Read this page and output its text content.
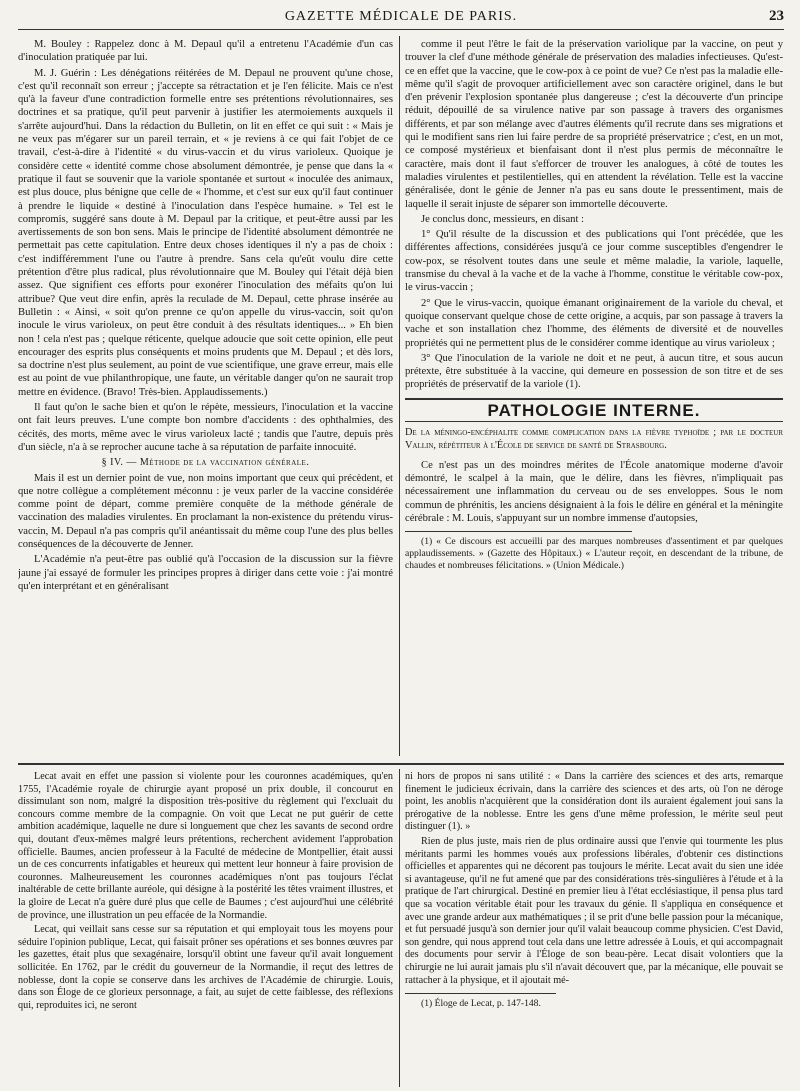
GAZETTE MÉDICALE DE PARIS.	23

M. Bouley : Rappelez donc à M. Depaul qu'il a entretenu l'Académie d'un cas d'inoculation pratiquée par lui.

M. J. Guérin : Les dénégations réitérées de M. Depaul ne prouvent qu'une chose, c'est qu'il reconnaît son erreur ; j'accepte sa rétractation et je l'en félicite. Mais ce n'est qu'à la faveur d'une contradiction formelle entre ses prétentions révolutionnaires, ses doctrines et sa pratique, qu'il peut parvenir à justifier les atermoiements auxquels il s'arrête aujourd'hui. Dans la rédaction du Bulletin, on lit en effet ce qui suit : « Mais je ne veux pas m'égarer sur un pareil terrain, et « je reviens à ce qui fait l'objet de ce travail, c'est-à-dire à l'identité « du virus-vaccin et du virus varioleux. Quoique je considère cette « identité comme chose absolument démontrée, je pense que dans la « pratique il faut se souvenir que la variole spontanée et surtout « inoculée des animaux, est plus douce, plus bénigne que celle de « l'homme, et c'est sur eux qu'il faut continuer à prendre le liquide « destiné à l'inoculation dans l'espèce humaine. » Tel est le compromis, suggéré sans doute à M. Depaul par la critique, et peut-être aussi par les avertissements de son bon sens. Mais le principe de l'identité absolument démontrée ne permettait pas cette capitulation. Entre deux choses identiques il n'y a pas de choix : c'est indifféremment l'une ou l'autre à prendre. Sans cela qu'eût voulu dire cette prétention d'être plus radical, plus révolutionnaire que M. Bouley qui l'était déjà bien assez. Que signifient ces efforts pour exonérer l'inoculation des méfaits qu'on lui attribue? Que veut dire enfin, après la reculade de M. Depaul, cette phrase insérée au Bulletin : « Ainsi, « soit qu'on prenne ce qu'on appelle du virus-vaccin, soit qu'on inocule le virus varioleux, on peut être conduit à des résultats identiques... » Eh bien non ! cela n'est pas ; quelque réticente, quelque adoucie que soit cette opinion, elle peut encourager des esprits plus conséquents et moins prudents que M. Depaul ; et dès lors, sa doctrine n'est plus seulement, au point de vue scientifique, une grave erreur, mais elle est au point de vue philanthropique, une faute, un véritable danger qu'on ne saurait trop mettre en évidence. (Bravo! Très-bien. Applaudissements.)

Il faut qu'on le sache bien et qu'on le répète, messieurs, l'inoculation et la vaccine ont fait leurs preuves. L'une compte bon nombre d'accidents : des ophthalmies, des cécités, des morts, même avec le virus varioleux lacté ; tandis que l'autre, depuis près d'un siècle, n'a à se reprocher aucune tache à sa réputation de parfaite innocuité.

§ IV. — Méthode de la vaccination générale.

Mais il est un dernier point de vue, non moins important que ceux qui précèdent, et que notre collègue a complétement méconnu : je veux parler de la vaccine considérée comme point de départ, comme première conquête de la méthode générale de vaccination des maladies virulentes. En proclamant la non-existence du prétendu virus-vaccin, M. Depaul n'a pas compris qu'il anéantissait du même coup l'une des plus belles conséquences de la découverte de Jenner.

L'Académie n'a peut-être pas oublié qu'à l'occasion de la discussion sur la fièvre jaune j'ai essayé de formuler les principes propres à diriger dans cette voie : j'ai montré qu'en interprétant et en généralisant

comme il peut l'être le fait de la préservation variolique par la vaccine, on peut y trouver la clef d'une méthode générale de préservation des maladies infectieuses. Qu'est-ce en effet que la vaccine, que le cow-pox à ce point de vue? Ce n'est pas la maladie elle-même qu'il s'agit de provoquer artificiellement avec son caractère originel, dans le but d'en prévenir l'explosion spontanée plus dangereuse ; c'est la découverte d'un principe réduit, dépouillé de sa virulence native par son passage à travers des organismes différents, et par son mélange avec d'autres éléments qu'il recrute dans ses migrations et qui le modifient sans rien lui faire perdre de sa propriété préservatrice ; c'est, en un mot, ce composé mystérieux et bienfaisant dont il n'est plus permis de méconnaître le caractère, mais dont il faut s'efforcer de trouver les analogues, à côté de toutes les maladies virulentes et pestilentielles, qui en attendent la révélation. Telle est la vaccine généralisée, dont le génie de Jenner n'a pas eu sans doute le pressentiment, mais de laquelle il serait injuste de séparer son immortelle découverte.

Je conclus donc, messieurs, en disant :

1° Qu'il résulte de la discussion et des publications qui l'ont précédée, que les différentes affections, considérées jusqu'à ce jour comme susceptibles d'engendrer le cow-pox, se résolvent toutes dans une seule et même maladie, la variole, laquelle, transmise du cheval à la vache et de la vache à l'homme, constitue le véritable cow-pox, le virus-vaccin ;

2° Que le virus-vaccin, quoique émanant originairement de la variole du cheval, et quoique conservant quelque chose de cette origine, a acquis, par son passage à travers la vache et son installation chez l'homme, des éléments de diversité et de nouvelles propriétés qui ne permettent plus de le considérer comme identique au virus varioleux ;

3° Que l'inoculation de la variole ne doit et ne peut, à aucun titre, et sous aucun prétexte, être substituée à la vaccine, qui demeure en possession de son titre et de ses propriétés de préservatif de la variole (1).

PATHOLOGIE INTERNE.

De la méningo-encéphalite comme complication dans la fièvre typhoïde ; par le docteur Vallin, répétiteur à l'École de service de santé de Strasbourg.

Ce n'est pas un des moindres mérites de l'École anatomique moderne d'avoir démontré, le scalpel à la main, que le délire, dans les fièvres, n'impliquait pas nécessairement une inflammation du cerveau ou de ses enveloppes. Sous le nom commun de phrénitis, les anciens désignaient à la fois le délire en général et la méningite cérébrale : M. Louis, s'appuyant sur un nombre immense d'autopsies,

(1) « Ce discours est accueilli par des marques nombreuses d'assentiment et par quelques applaudissements. » (Gazette des Hôpitaux.) « L'auteur reçoit, en descendant de la tribune, de chaudes et nombreuses félicitations. » (Union Médicale.)

Lecat avait en effet une passion si violente pour les couronnes académiques, qu'en 1755, l'Académie royale de chirurgie ayant proposé un prix double, il concourut en dissimulant son nom, malgré la disposition très-positive du règlement qui l'excluait du concours comme membre de la compagnie. On voit que Lecat ne put guérir de cette ambition académique, laquelle ne dure si longuement que chez les savants de second ordre qui, doutant d'eux-mêmes malgré leurs prétentions, recherchent avidement l'approbation officielle. Baumes, ancien professeur à la Faculté de médecine de Montpellier, était aussi un de ces concurrents infatigables et heureux qui mettent leur honneur à faire provision de couronnes. Malheureusement les couronnes académiques n'ont pas toujours l'éclat inaltérable de cette brillante auréole, qui désigne à la postérité les têtes vraiment illustres, et la gloire de Lecat n'a guère duré plus que celle de Baumes ; c'est aujourd'hui une célébrité de province, une illustration un peu effacée de la Normandie.

Lecat, qui veillait sans cesse sur sa réputation et qui employait tous les moyens pour séduire l'opinion publique, Lecat, qui faisait prôner ses opérations et ses bonnes œuvres par les gazettes, était plus que sexagénaire, lorsqu'il obtint une faveur qu'il avait longuement sollicitée. En 1762, par le crédit du gouverneur de la Normandie, il reçut des lettres de noblesse, dont la copie se conserve dans les archives de l'Académie de chirurgie. Louis, dans son Éloge de ce glorieux personnage, a fait, au sujet de cette faiblesse, des réflexions qui, reproduites ici, ne seront

ni hors de propos ni sans utilité : « Dans la carrière des sciences et des arts, remarque finement le judicieux écrivain, dans la carrière des sciences et des arts, où l'on ne déroge point, les anoblis n'acquièrent que la considération dont ils auraient également joui sans la prérogative de la noblesse. Entre les gens d'une même profession, le mérite seul peut distinguer (1). »

Rien de plus juste, mais rien de plus ordinaire aussi que l'envie qui tourmente les plus méritants parmi les hommes voués aux professions libérales, d'obtenir ces distinctions officielles et apparentes qui ne décorent pas toujours le mérite. Lecat avait du sien une idée si avantageuse, qu'il ne fut amené que par des considérations très-singulières à l'étude et à la pratique de l'art chirurgical. Destiné en premier lieu à l'état ecclésiastique, il pensa plus tard que sa vocation véritable était pour les travaux du génie. Il s'appliqua en conséquence et avec une grande ardeur aux mathématiques ; il se prit d'une belle passion pour la mécanique, et fut persuadé jusqu'à son dernier jour qu'il valait beaucoup comme physicien. C'est David, son gendre, qui nous apprend tout cela dans une lettre adressée à Louis, et qui accompagnait des documents pour servir à l'Éloge de son beau-père. Lecat disait volontiers que la chirurgie ne lui aurait jamais plu s'il n'avait découvert que, par la mécanique, elle pouvait se rattacher à la physique, et il ajoutait mé-

(1) Éloge de Lecat, p. 147-148.
